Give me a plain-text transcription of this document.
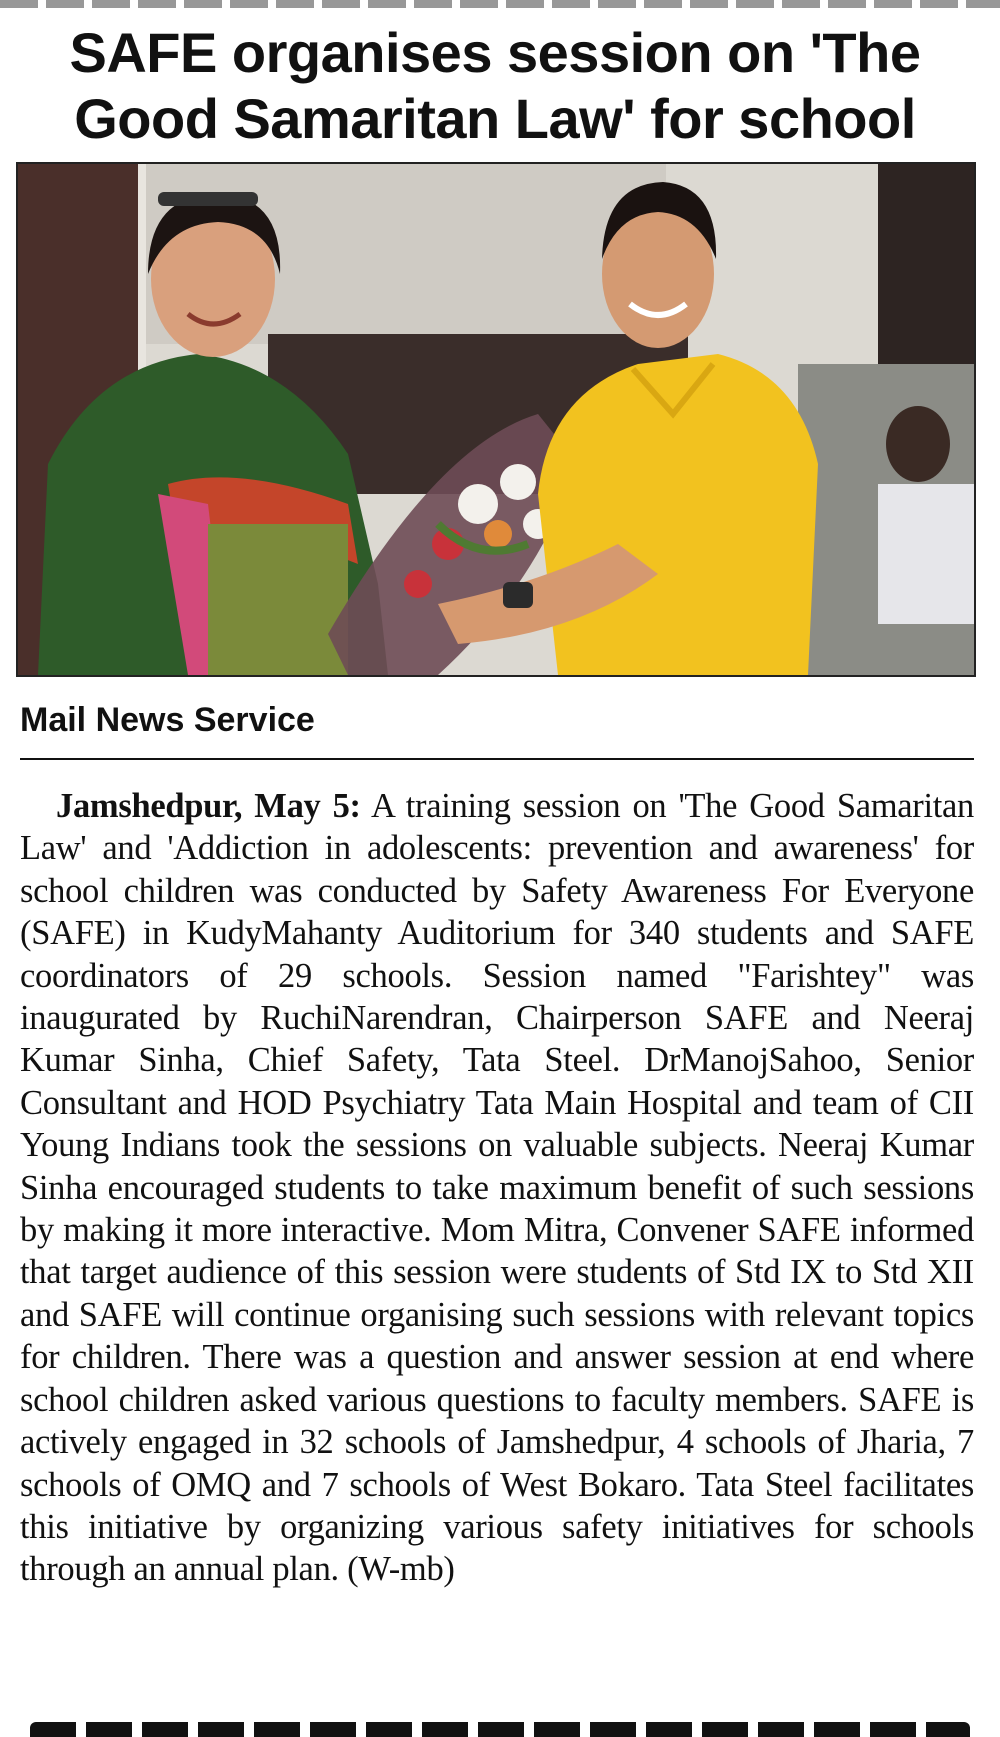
SAFE organises session on 'The Good Samaritan Law' for school

Mail News Service

Jamshedpur, May 5: A training session on 'The Good Samaritan Law' and 'Addiction in adolescents: prevention and awareness' for school children was conducted by Safety Awareness For Everyone (SAFE) in KudyMahanty Auditorium for 340 students and SAFE coordinators of 29 schools. Session named "Farishtey" was inaugurated by RuchiNarendran, Chairperson SAFE and Neeraj Kumar Sinha, Chief Safety, Tata Steel. DrManojSahoo, Senior Consultant and HOD Psychiatry Tata Main Hospital and team of CII Young Indians took the sessions on valuable subjects. Neeraj Kumar Sinha encouraged students to take maximum benefit of such sessions by making it more interactive. Mom Mitra, Convener SAFE informed that target audience of this session were students of Std IX to Std XII and SAFE will continue organising such sessions with relevant topics for children. There was a question and answer session at end where school children asked various questions to faculty members. SAFE is actively engaged in 32 schools of Jamshedpur, 4 schools of Jharia, 7 schools of OMQ and 7 schools of West Bokaro. Tata Steel facilitates this initiative by organizing various safety initiatives for schools through an annual plan. (W-mb)
